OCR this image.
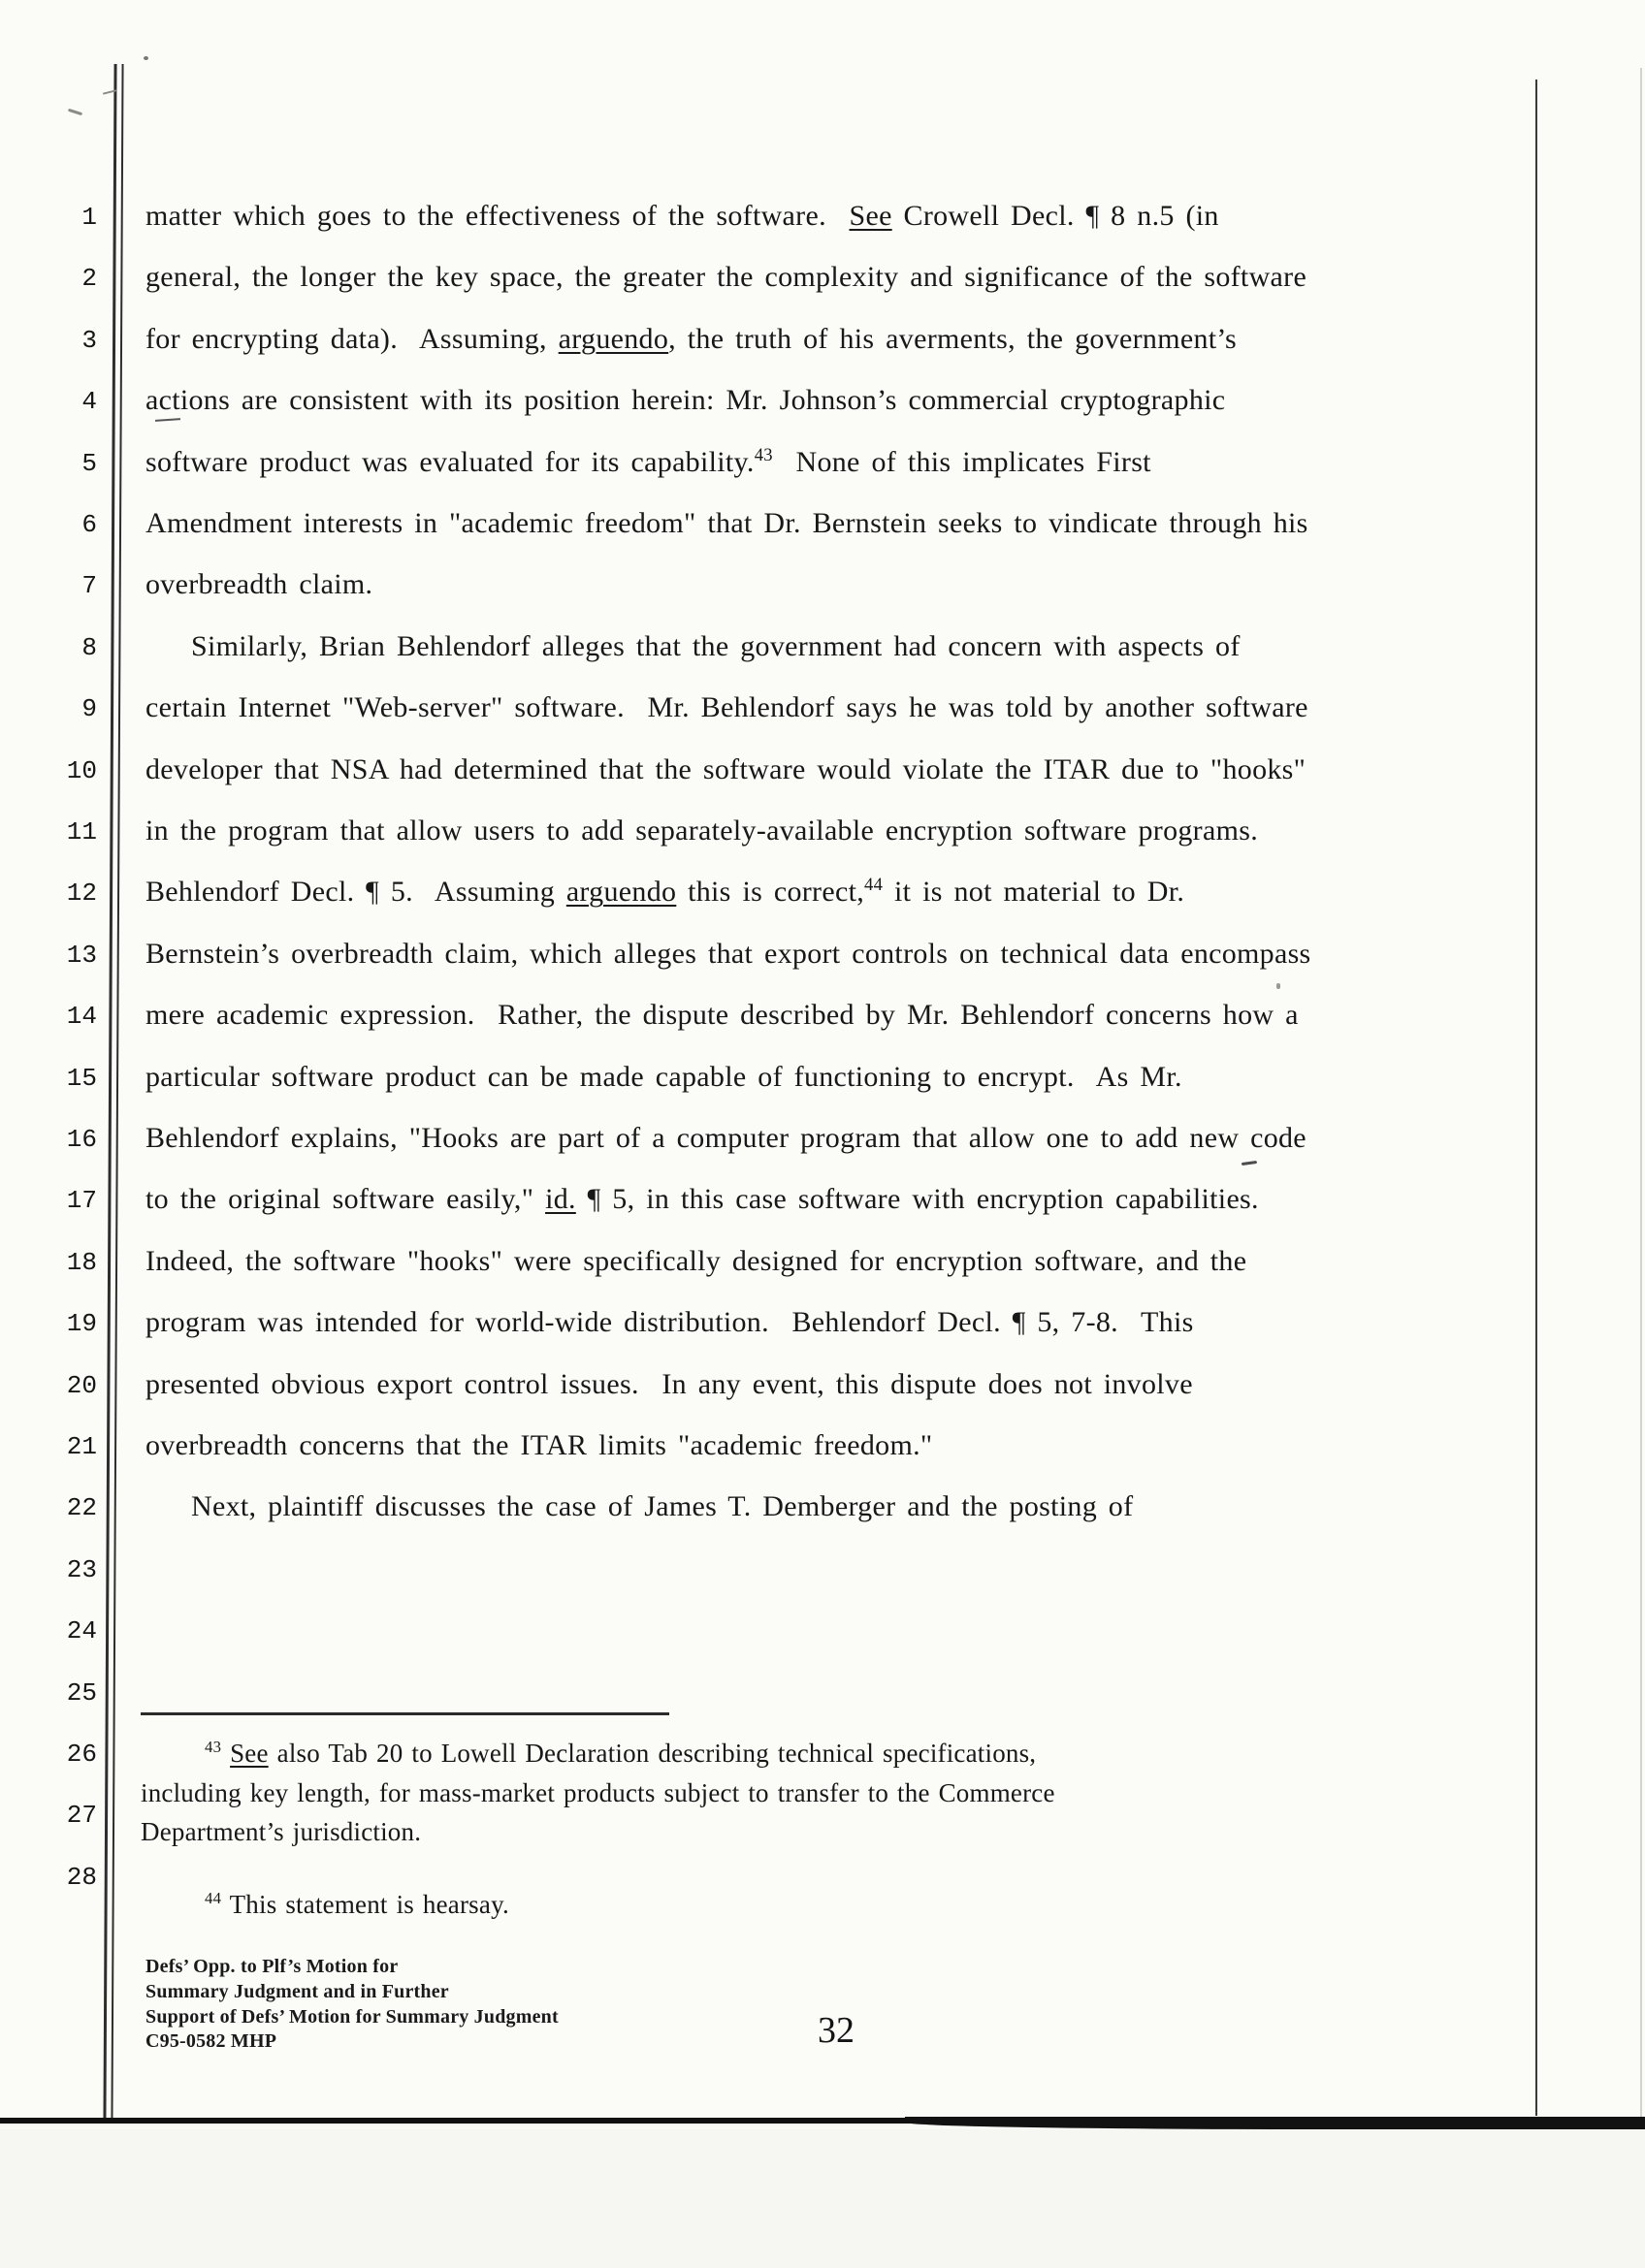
1
2
3
4
5
6
7
8
9
10
11
12
13
14
15
16
17
18
19
20
21
22
23
24
25
26
27
28
matter which goes to the effectiveness of the software.  See Crowell Decl. ¶ 8 n.5 (in
general, the longer the key space, the greater the complexity and significance of the software
for encrypting data).  Assuming, arguendo, the truth of his averments, the government’s
actions are consistent with its position herein: Mr. Johnson’s commercial cryptographic
software product was evaluated for its capability.$^{43}$  None of this implicates First
Amendment interests in "academic freedom" that Dr. Bernstein seeks to vindicate through his
overbreadth claim.
Similarly, Brian Behlendorf alleges that the government had concern with aspects of
certain Internet "Web-server" software.  Mr. Behlendorf says he was told by another software
developer that NSA had determined that the software would violate the ITAR due to "hooks"
in the program that allow users to add separately-available encryption software programs.
Behlendorf Decl. ¶ 5.  Assuming arguendo this is correct,$^{44}$ it is not material to Dr.
Bernstein’s overbreadth claim, which alleges that export controls on technical data encompass
mere academic expression.  Rather, the dispute described by Mr. Behlendorf concerns how a
particular software product can be made capable of functioning to encrypt.  As Mr.
Behlendorf explains, "Hooks are part of a computer program that allow one to add new code
to the original software easily," id. ¶ 5, in this case software with encryption capabilities.
Indeed, the software "hooks" were specifically designed for encryption software, and the
program was intended for world-wide distribution.  Behlendorf Decl. ¶ 5, 7-8.  This
presented obvious export control issues.  In any event, this dispute does not involve
overbreadth concerns that the ITAR limits "academic freedom."
Next, plaintiff discusses the case of James T. Demberger and the posting of
$^{43}$ See also Tab 20 to Lowell Declaration describing technical specifications,
including key length, for mass-market products subject to transfer to the Commerce
Department’s jurisdiction.
$^{44}$ This statement is hearsay.
Defs’ Opp. to Plf’s Motion for
Summary Judgment and in Further
Support of Defs’ Motion for Summary Judgment
C95-0582 MHP	32
